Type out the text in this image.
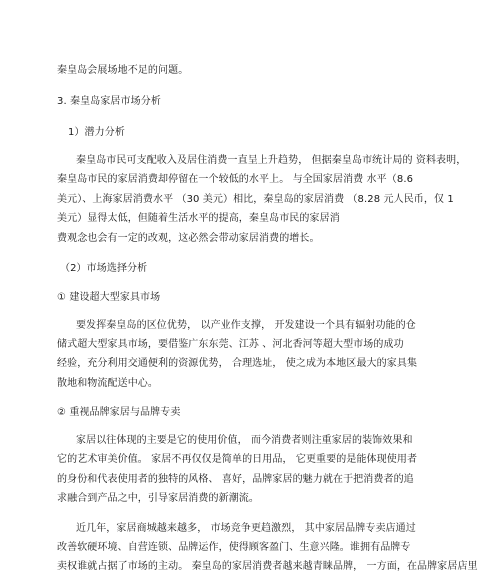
秦皇岛会展场地不足的问题。
3. 秦皇岛家居市场分析
1）潜力分析
秦皇岛市民可支配收入及居住消费一直呈上升趋势， 但据秦皇岛市统计局的 资料表明，
秦皇岛市民的家居消费却停留在一个较低的水平上。 与全国家居消费 水平（8.6
美元）、上海家居消费水平 （30 美元）相比，秦皇岛的家居消费 （8.28 元人民币，仅 1
美元）显得太低，但随着生活水平的提高，秦皇岛市民的家居消
费观念也会有一定的改观，这必然会带动家居消费的增长。
（2）市场选择分析
① 建设超大型家具市场
要发挥秦皇岛的区位优势， 以产业作支撑， 开发建设一个具有辐射功能的仓
储式超大型家具市场，要借鉴广东东莞、江苏 、河北香河等超大型市场的成功
经验，充分利用交通便利的资源优势， 合理选址， 使之成为本地区最大的家具集
散地和物流配送中心。
② 重视品牌家居与品牌专卖
家居以往体现的主要是它的使用价值， 而今消费者则注重家居的装饰效果和
它的艺术审美价值。 家居不再仅仅是简单的日用品， 它更重要的是能体现使用者
的身份和代表使用者的独特的风格、 喜好，品牌家居的魅力就在于把消费者的追
求融合到产品之中，引导家居消费的新潮流。
近几年，家居商城越来越多， 市场竞争更趋激烈， 其中家居品牌专卖店通过
改善软硬环境、自营连锁、品牌运作，使得顾客盈门、生意兴隆。谁拥有品牌专
卖权谁就占据了市场的主动。 秦皇岛的家居消费者越来越青睐品牌， 一方面，在品牌家居店里
